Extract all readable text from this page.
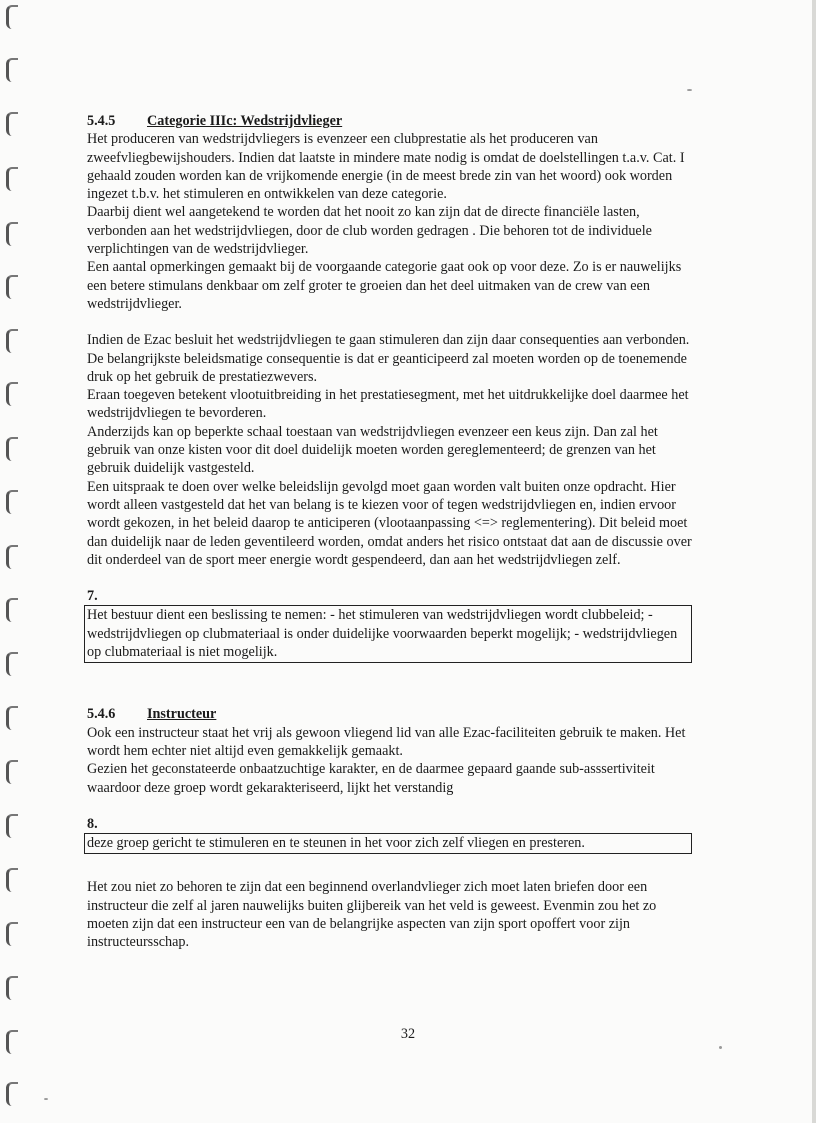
5.4.5 Categorie IIIc: Wedstrijdvlieger

Het produceren van wedstrijdvliegers is evenzeer een clubprestatie als het produceren van zweefvliegbewijshouders. Indien dat laatste in mindere mate nodig is omdat de doelstellingen t.a.v. Cat. I gehaald zouden worden kan de vrijkomende energie (in de meest brede zin van het woord) ook worden ingezet t.b.v. het stimuleren en ontwikkelen van deze categorie.

Daarbij dient wel aangetekend te worden dat het nooit zo kan zijn dat de directe financiële lasten, verbonden aan het wedstrijdvliegen, door de club worden gedragen . Die behoren tot de individuele verplichtingen van de wedstrijdvlieger.

Een aantal opmerkingen gemaakt bij de voorgaande categorie gaat ook op voor deze. Zo is er nauwelijks een betere stimulans denkbaar om zelf groter te groeien dan het deel uitmaken van de crew van een wedstrijdvlieger.

Indien de Ezac besluit het wedstrijdvliegen te gaan stimuleren dan zijn daar consequenties aan verbonden. De belangrijkste beleidsmatige consequentie is dat er geanticipeerd zal moeten worden op de toenemende druk op het gebruik de prestatiezwevers.

Eraan toegeven betekent vlootuitbreiding in het prestatiesegment, met het uitdrukkelijke doel daarmee het wedstrijdvliegen te bevorderen.

Anderzijds kan op beperkte schaal toestaan van wedstrijdvliegen evenzeer een keus zijn. Dan zal het gebruik van onze kisten voor dit doel duidelijk moeten worden gereglementeerd; de grenzen van het gebruik duidelijk vastgesteld.

Een uitspraak te doen over welke beleidslijn gevolgd moet gaan worden valt buiten onze opdracht. Hier wordt alleen vastgesteld dat het van belang is te kiezen voor of tegen wedstrijdvliegen en, indien ervoor wordt gekozen, in het beleid daarop te anticiperen (vlootaanpassing <=> reglementering). Dit beleid moet dan duidelijk naar de leden geventileerd worden, omdat anders het risico ontstaat dat aan de discussie over dit onderdeel van de sport meer energie wordt gespendeerd, dan aan het wedstrijdvliegen zelf.

7.

Het bestuur dient een beslissing te nemen: - het stimuleren van wedstrijdvliegen wordt clubbeleid; - wedstrijdvliegen op clubmateriaal is onder duidelijke voorwaarden beperkt mogelijk; - wedstrijdvliegen op clubmateriaal is niet mogelijk.

5.4.6 Instructeur

Ook een instructeur staat het vrij als gewoon vliegend lid van alle Ezac-faciliteiten gebruik te maken. Het wordt hem echter niet altijd even gemakkelijk gemaakt.

Gezien het geconstateerde onbaatzuchtige karakter, en de daarmee gepaard gaande sub-asssertiviteit waardoor deze groep wordt gekarakteriseerd, lijkt het verstandig

8.

deze groep gericht te stimuleren en te steunen in het voor zich zelf vliegen en presteren.

Het zou niet zo behoren te zijn dat een beginnend overlandvlieger zich moet laten briefen door een instructeur die zelf al jaren nauwelijks buiten glijbereik van het veld is geweest. Evenmin zou het zo moeten zijn dat een instructeur een van de belangrijke aspecten van zijn sport opoffert voor zijn instructeursschap.

32
